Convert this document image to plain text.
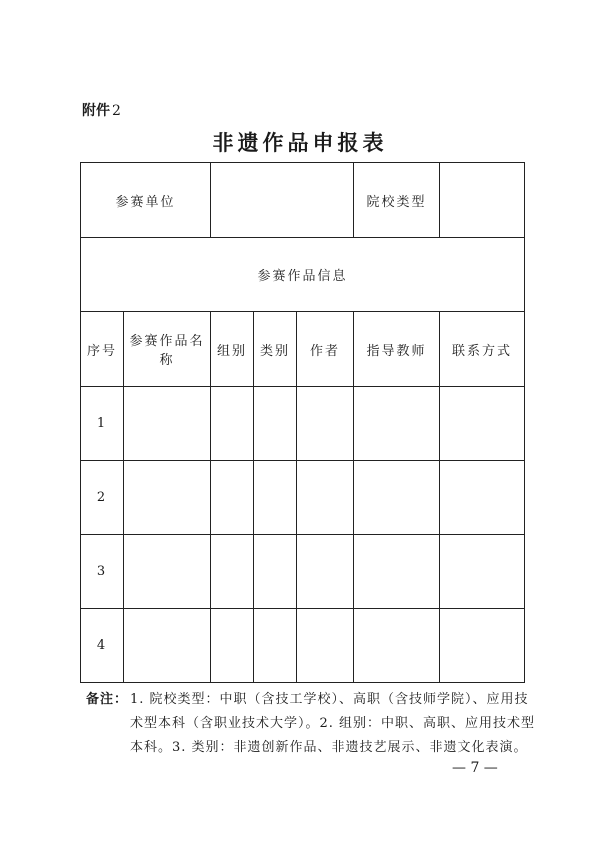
附件 2
非遗作品申报表
参赛单位					院校类型	
参赛作品信息						
序号	参赛作品名称	组别	类别	作者	指导教师	联系方式
1						
2						
3						
4						
备注： 1. 院校类型：中职（含技工学校）、高职（含技师学院）、应用技术型本科（含职业技术大学）。2. 组别：中职、高职、应用技术型本科。3. 类别：非遗创新作品、非遗技艺展示、非遗文化表演。
— 7 —
